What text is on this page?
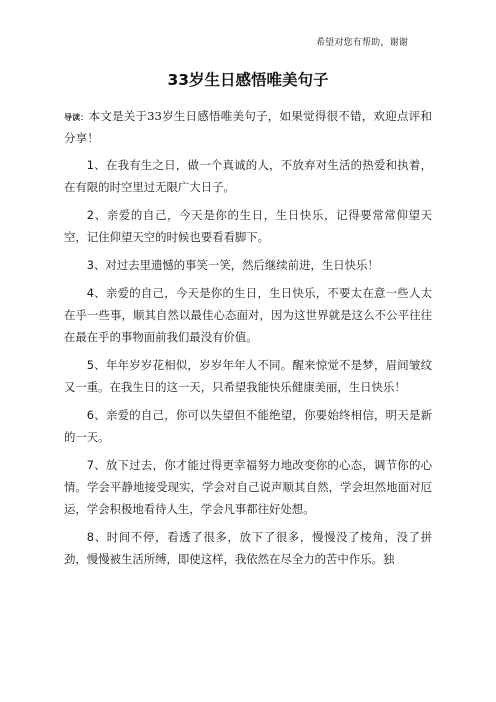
希望对您有帮助，谢谢
33岁生日感悟唯美句子

导读：本文是关于33岁生日感悟唯美句子，如果觉得很不错，欢迎点评和分享！

1、在我有生之日，做一个真诚的人，不放弃对生活的热爱和执着，在有限的时空里过无限广大日子。

2、亲爱的自己，今天是你的生日，生日快乐，记得要常常仰望天空，记住仰望天空的时候也要看看脚下。

3、对过去里遗憾的事笑一笑，然后继续前进，生日快乐！

4、亲爱的自己，今天是你的生日，生日快乐，不要太在意一些人太在乎一些事，顺其自然以最佳心态面对，因为这世界就是这么不公平往往在最在乎的事物面前我们最没有价值。

5、年年岁岁花相似，岁岁年年人不同。醒来惊觉不是梦，眉间皱纹又一重。在我生日的这一天，只希望我能快乐健康美丽，生日快乐！

6、亲爱的自己，你可以失望但不能绝望，你要始终相信，明天是新的一天。

7、放下过去，你才能过得更幸福努力地改变你的心态，调节你的心情。学会平静地接受现实，学会对自己说声顺其自然，学会坦然地面对厄运，学会积极地看待人生，学会凡事都往好处想。

8、时间不停，看透了很多，放下了很多，慢慢没了棱角，没了拼劲，慢慢被生活所缚，即使这样，我依然在尽全力的苦中作乐。独
